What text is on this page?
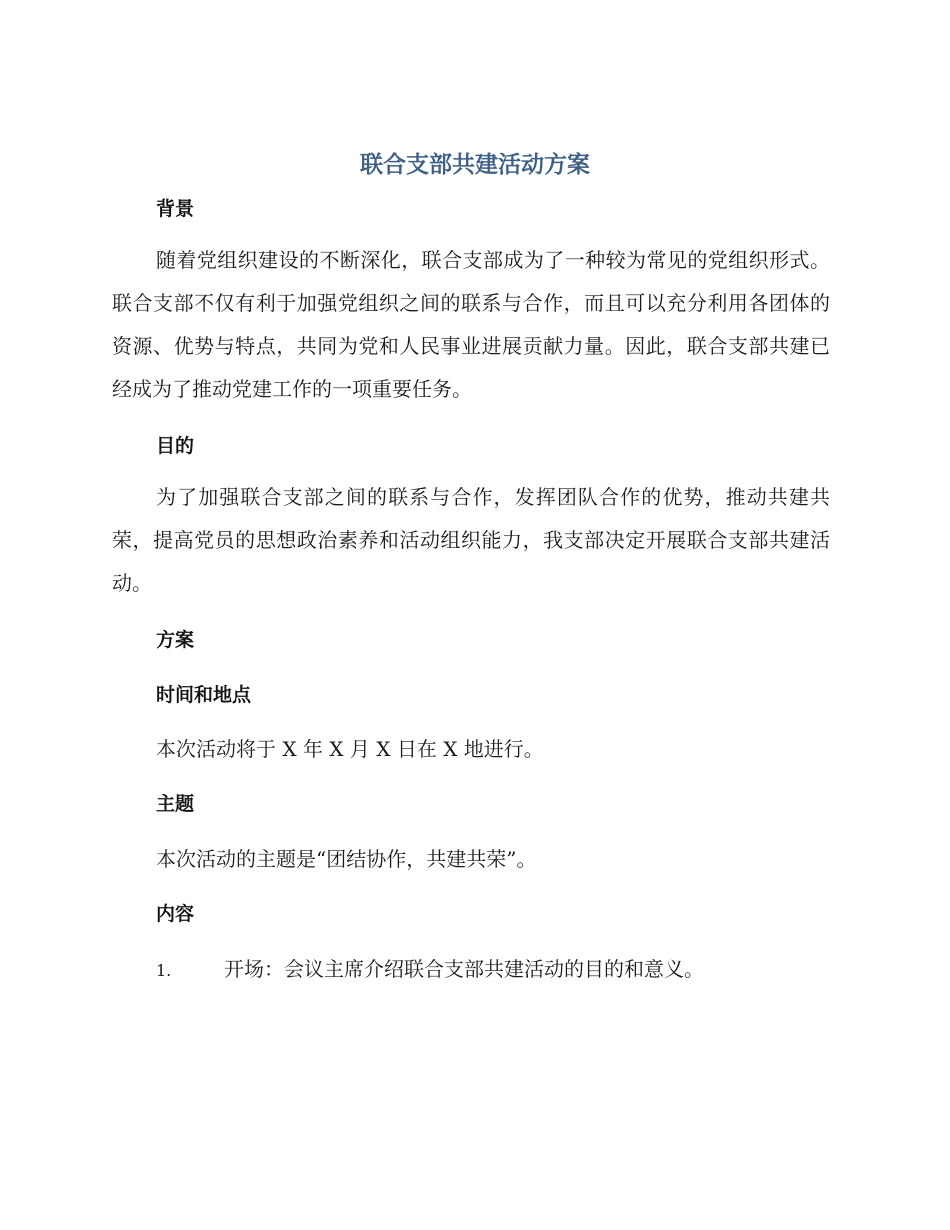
联合支部共建活动方案
背景
随着党组织建设的不断深化，联合支部成为了一种较为常见的党组织形式。联合支部不仅有利于加强党组织之间的联系与合作，而且可以充分利用各团体的资源、优势与特点，共同为党和人民事业进展贡献力量。因此，联合支部共建已经成为了推动党建工作的一项重要任务。
目的
为了加强联合支部之间的联系与合作，发挥团队合作的优势，推动共建共荣，提高党员的思想政治素养和活动组织能力，我支部决定开展联合支部共建活动。
方案
时间和地点
本次活动将于 X 年 X 月 X 日在 X 地进行。
主题
本次活动的主题是“团结协作，共建共荣”。
内容
1.	开场：会议主席介绍联合支部共建活动的目的和意义。
